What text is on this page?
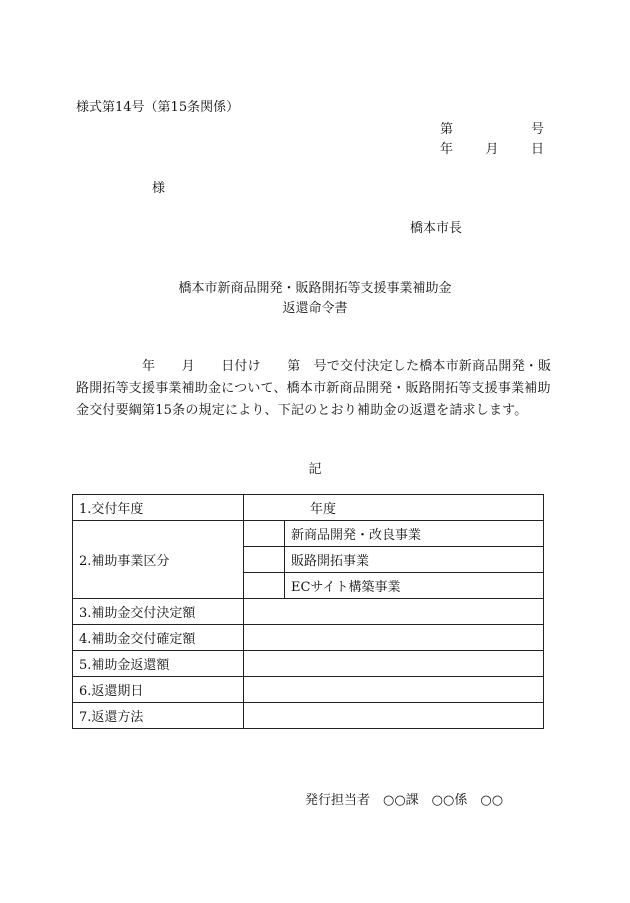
様式第14号（第15条関係）
第	号
年 月 日
様
橋本市長
橋本市新商品開発・販路開拓等支援事業補助金
返還命令書
　　　　　年　　月　　日付け　　第　号で交付決定した橋本市新商品開発・販路開拓等支援事業補助金について、橋本市新商品開発・販路開拓等支援事業補助金交付要綱第15条の規定により、下記のとおり補助金の返還を請求します。
記
1.交付年度	年度	
2.補助事業区分		新商品開発・改良事業
		販路開拓事業
		ECサイト構築事業
3.補助金交付決定額		
4.補助金交付確定額		
5.補助金返還額		
6.返還期日		
7.返還方法		
発行担当者　○○課　○○係　○○
